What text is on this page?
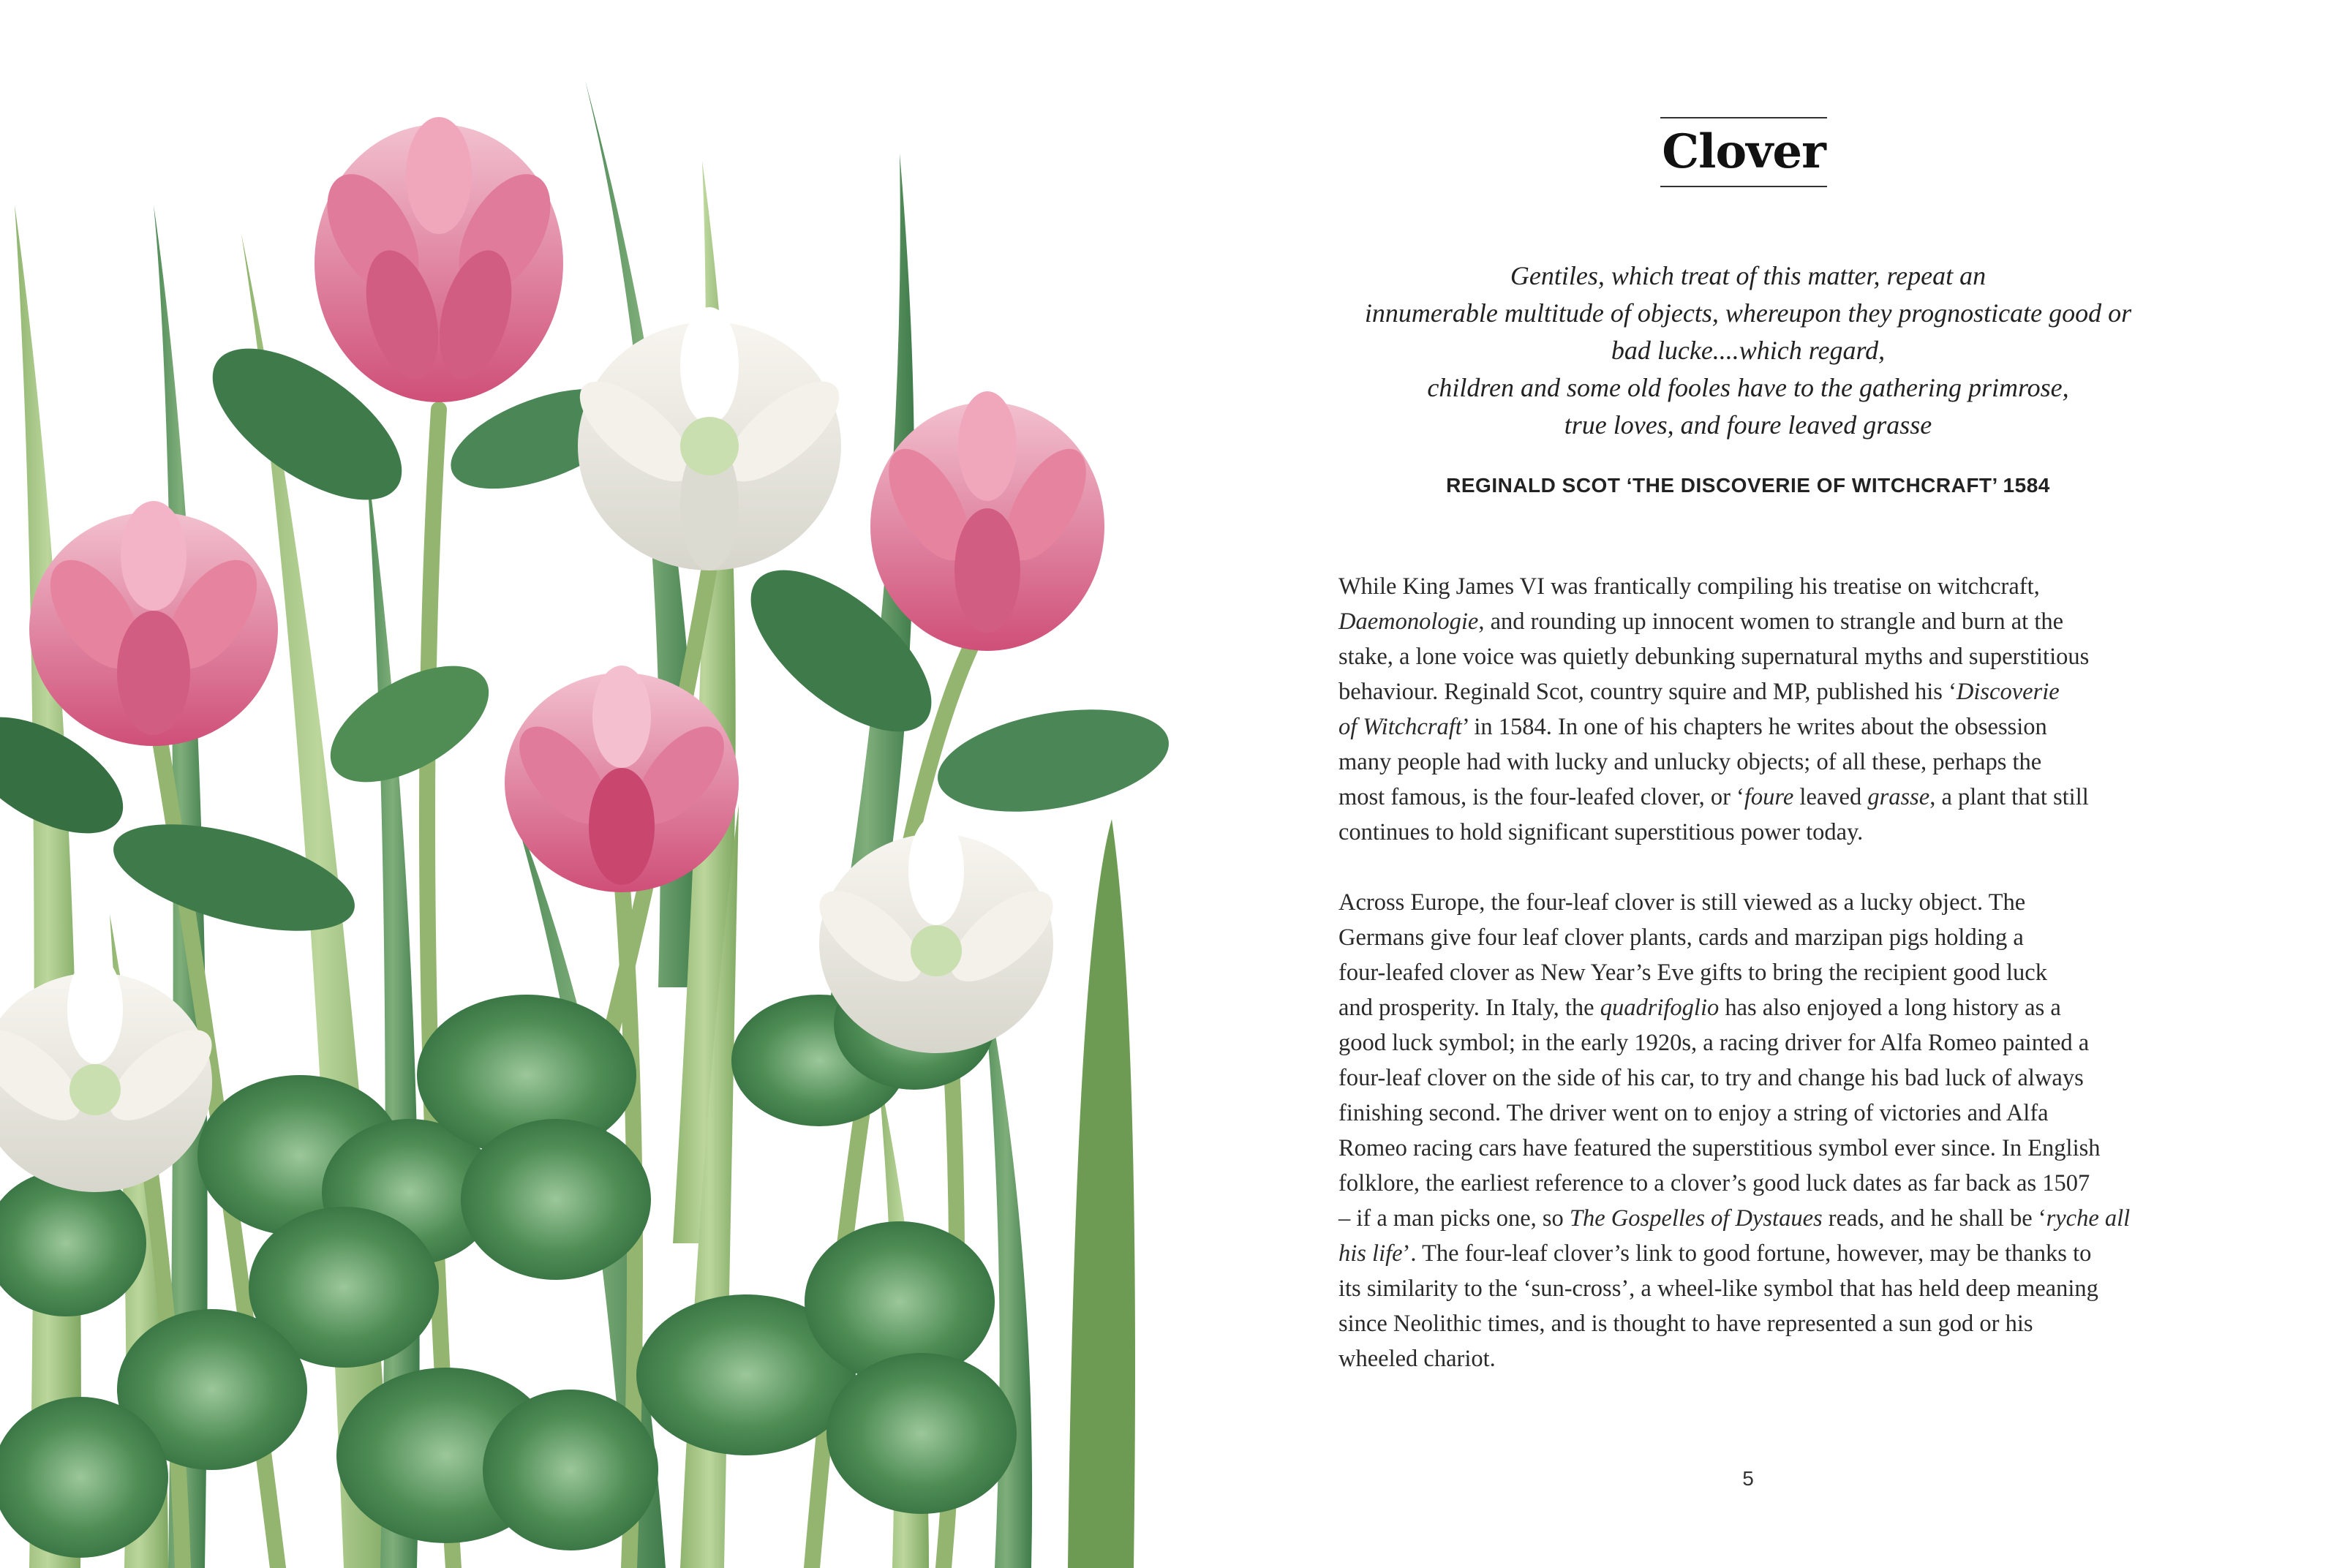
Clover
Gentiles, which treat of this matter, repeat an
innumerable multitude of objects, whereupon they prognosticate good or
bad lucke....which regard,
children and some old fooles have to the gathering primrose,
true loves, and foure leaved grasse
REGINALD SCOT ‘THE DISCOVERIE OF WITCHCRAFT’ 1584
While King James VI was frantically compiling his treatise on witchcraft,
Daemonologie, and rounding up innocent women to strangle and burn at the
stake, a lone voice was quietly debunking supernatural myths and superstitious
behaviour. Reginald Scot, country squire and MP, published his ‘Discoverie
of Witchcraft’ in 1584. In one of his chapters he writes about the obsession
many people had with lucky and unlucky objects; of all these, perhaps the
most famous, is the four-leafed clover, or ‘foure leaved grasse, a plant that still
continues to hold significant superstitious power today.
Across Europe, the four-leaf clover is still viewed as a lucky object. The
Germans give four leaf clover plants, cards and marzipan pigs holding a
four-leafed clover as New Year’s Eve gifts to bring the recipient good luck
and prosperity. In Italy, the quadrifoglio has also enjoyed a long history as a
good luck symbol; in the early 1920s, a racing driver for Alfa Romeo painted a
four-leaf clover on the side of his car, to try and change his bad luck of always
finishing second. The driver went on to enjoy a string of victories and Alfa
Romeo racing cars have featured the superstitious symbol ever since. In English
folklore, the earliest reference to a clover’s good luck dates as far back as 1507
– if a man picks one, so The Gospelles of Dystaues reads, and he shall be ‘ryche all
his life’. The four-leaf clover’s link to good fortune, however, may be thanks to
its similarity to the ‘sun-cross’, a wheel-like symbol that has held deep meaning
since Neolithic times, and is thought to have represented a sun god or his
wheeled chariot.
5
